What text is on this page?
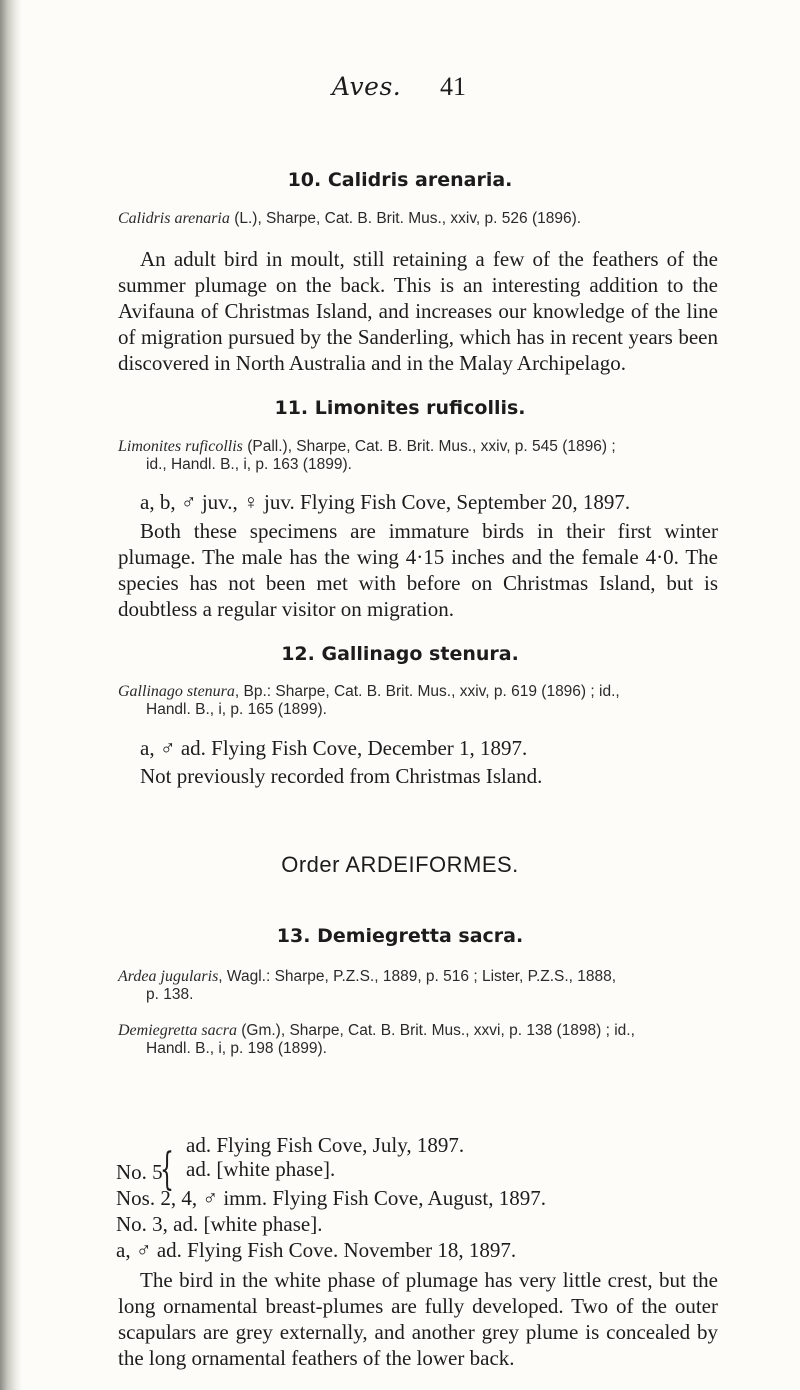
Aves. 41
10. Calidris arenaria.
Calidris arenaria (L.), Sharpe, Cat. B. Brit. Mus., xxiv, p. 526 (1896).
An adult bird in moult, still retaining a few of the feathers of the summer plumage on the back. This is an interesting addition to the Avifauna of Christmas Island, and increases our knowledge of the line of migration pursued by the Sanderling, which has in recent years been discovered in North Australia and in the Malay Archipelago.
11. Limonites ruficollis.
Limonites ruficollis (Pall.), Sharpe, Cat. B. Brit. Mus., xxiv, p. 545 (1896) ;
id., Handl. B., i, p. 163 (1899).
a, b, ♂ juv., ♀ juv. Flying Fish Cove, September 20, 1897.
Both these specimens are immature birds in their first winter plumage. The male has the wing 4·15 inches and the female 4·0. The species has not been met with before on Christmas Island, but is doubtless a regular visitor on migration.
12. Gallinago stenura.
Gallinago stenura, Bp.: Sharpe, Cat. B. Brit. Mus., xxiv, p. 619 (1896) ; id.,
Handl. B., i, p. 165 (1899).
a, ♂ ad. Flying Fish Cove, December 1, 1897.
Not previously recorded from Christmas Island.
Order ARDEIFORMES.
13. Demiegretta sacra.
Ardea jugularis, Wagl.: Sharpe, P.Z.S., 1889, p. 516 ; Lister, P.Z.S., 1888,
p. 138.
Demiegretta sacra (Gm.), Sharpe, Cat. B. Brit. Mus., xxvi, p. 138 (1898) ; id.,
Handl. B., i, p. 198 (1899).
No. 5
{ ad. Flying Fish Cove, July, 1897.
ad. [white phase].
Nos. 2, 4, ♂ imm. Flying Fish Cove, August, 1897.
No. 3, ad. [white phase].
a, ♂ ad. Flying Fish Cove. November 18, 1897.
The bird in the white phase of plumage has very little crest, but the long ornamental breast-plumes are fully developed. Two of the outer scapulars are grey externally, and another grey plume is concealed by the long ornamental feathers of the lower back.
